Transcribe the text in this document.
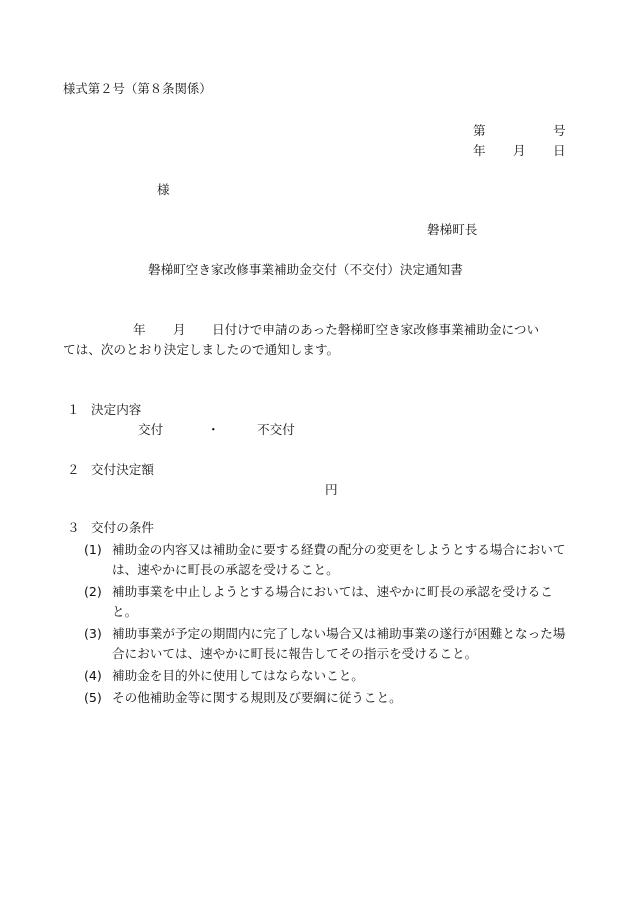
様式第２号（第８条関係）
第	号
年 月 日
様
磐梯町長
磐梯町空き家改修事業補助金交付（不交付）決定通知書
年 月 日付けで申請のあった磐梯町空き家改修事業補助金につい
ては、次のとおり決定しましたので通知します。
１ 決定内容
交付	・	不交付
２ 交付決定額
円
３ 交付の条件
(1) 補助金の内容又は補助金に要する経費の配分の変更をしようとする場合においては、速やかに町長の承認を受けること。
(2) 補助事業を中止しようとする場合においては、速やかに町長の承認を受けること。
(3) 補助事業が予定の期間内に完了しない場合又は補助事業の遂行が困難となった場合においては、速やかに町長に報告してその指示を受けること。
(4) 補助金を目的外に使用してはならないこと。
(5) その他補助金等に関する規則及び要綱に従うこと。
